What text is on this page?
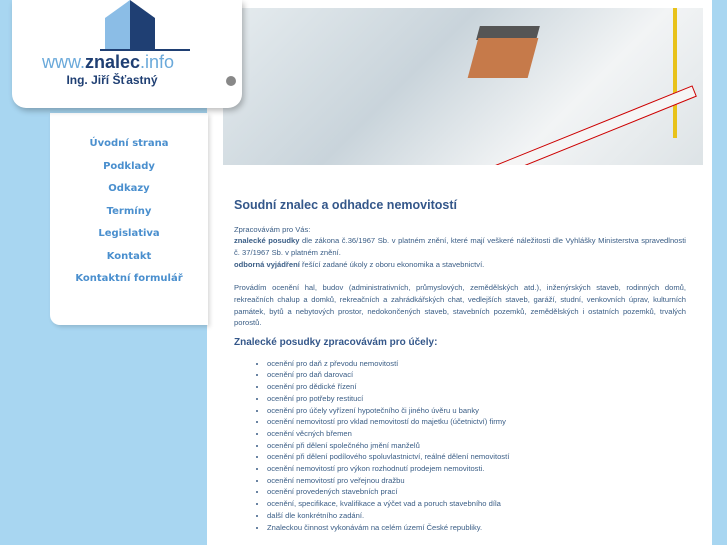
www.znalec.info
Ing. Jiří Šťastný
Úvodní strana
Podklady
Odkazy
Termíny
Legislativa
Kontakt
Kontaktní formulář
Soudní znalec a odhadce nemovitostí

Zpracovávám pro Vás:
znalecké posudky dle zákona č.36/1967 Sb. v platném znění, které mají veškeré náležitosti dle Vyhlášky Ministerstva spravedlnosti č. 37/1967 Sb. v platném znění.
odborná vyjádření řešící zadané úkoly z oboru ekonomika a stavebnictví.

Provádím ocenění hal, budov (administrativních, průmyslových, zemědělských atd.), inženýrských staveb, rodinných domů, rekreačních chalup a domků, rekreačních a zahrádkářských chat, vedlejších staveb, garáží, studní, venkovních úprav, kulturních památek, bytů a nebytových prostor, nedokončených staveb, stavebních pozemků, zemědělských i ostatních pozemků, trvalých porostů.

Znalecké posudky zpracovávám pro účely:
• ocenění pro daň z převodu nemovitostí
• ocenění pro daň darovací
• ocenění pro dědické řízení
• ocenění pro potřeby restitucí
• ocenění pro účely vyřízení hypotečního či jiného úvěru u banky
• ocenění nemovitostí pro vklad nemovitostí do majetku (účetnictví) firmy
• ocenění věcných břemen
• ocenění při dělení společného jmění manželů
• ocenění při dělení podílového spoluvlastnictví, reálné dělení nemovitostí
• ocenění nemovitostí pro výkon rozhodnutí prodejem nemovitosti.
• ocenění nemovitostí pro veřejnou dražbu
• ocenění provedených stavebních prací
• ocenění, specifikace, kvalifikace a výčet vad a poruch stavebního díla
• další dle konkrétního zadání.
• Znaleckou činnost vykonávám na celém území České republiky.
